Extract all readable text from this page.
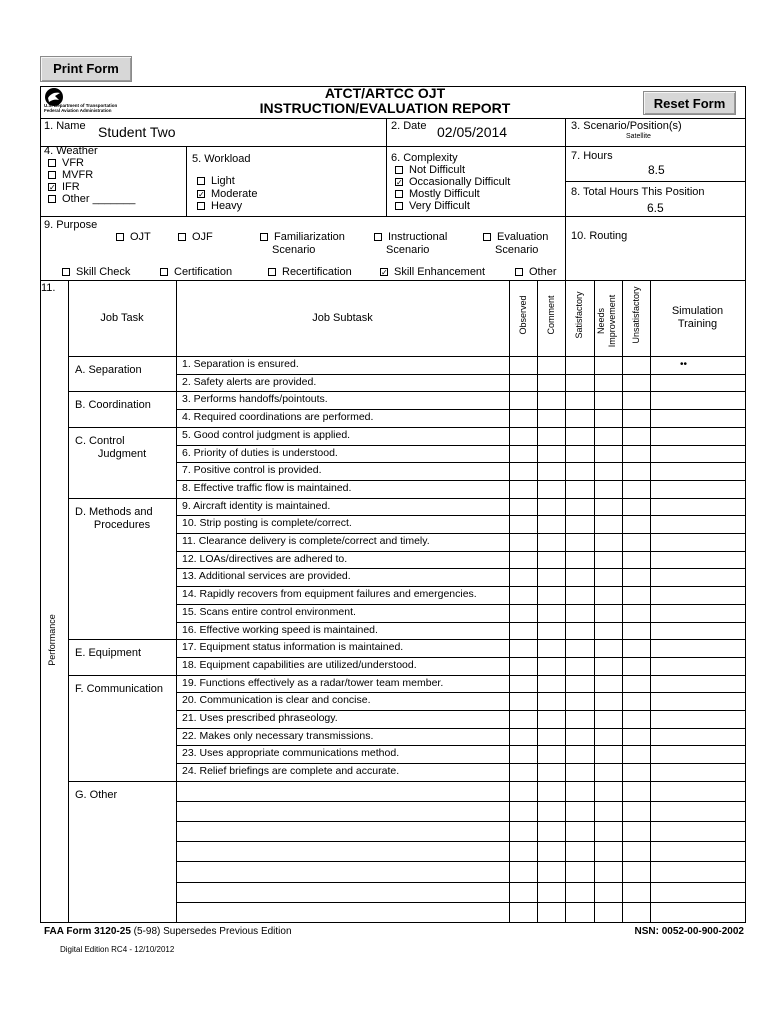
Print Form
U.S. Department of Transportation
Federal Aviation Administration
ATCT/ARTCC OJT
INSTRUCTION/EVALUATION REPORT	Reset Form
1. Name Student Two	2. Date 02/05/2014	3. Scenario/Position(s)
Satellite
4. Weather
VFR
MVFR
✓IFR
Other _______
5. Workload
Light
✓Moderate
Heavy
6. Complexity
Not Difficult
✓Occasionally Difficult
Mostly Difficult
Very Difficult
7. Hours
8.5
8. Total Hours This Position
6.5
9. Purpose
OJT	OJF	Familiarization
Scenario
Instructional
Scenario
Evaluation
Scenario
Skill Check	Certification	Recertification
✓	Skill Enhancement	Other
10. Routing
11.
Performance
Job Task	Job Subtask	Observed Comment Satisfactory Needs Improvement Unsatisfactory	Simulation
Training
1. Separation is ensured.
2. Safety alerts are provided.
3. Performs handoffs/pointouts.
4. Required coordinations are performed.
5. Good control judgment is applied.
6. Priority of duties is understood.
7. Positive control is provided.
8. Effective traffic flow is maintained.
9. Aircraft identity is maintained.
10. Strip posting is complete/correct.
11. Clearance delivery is complete/correct and timely.
12. LOAs/directives are adhered to.
13. Additional services are provided.
14. Rapidly recovers from equipment failures and emergencies.
15. Scans entire control environment.
16. Effective working speed is maintained.
17. Equipment status information is maintained.
18. Equipment capabilities are utilized/understood.
19. Functions effectively as a radar/tower team member.
20. Communication is clear and concise.
21. Uses prescribed phraseology.
22. Makes only necessary transmissions.
23. Uses appropriate communications method.
24. Relief briefings are complete and accurate.
A. Separation
B. Coordination
C. Control
Judgment
D. Methods and
Procedures
E. Equipment
F. Communication
G. Other
••
FAA Form 3120-25 (5-98) Supersedes Previous Edition	NSN: 0052-00-900-2002
Digital Edition RC4 - 12/10/2012
